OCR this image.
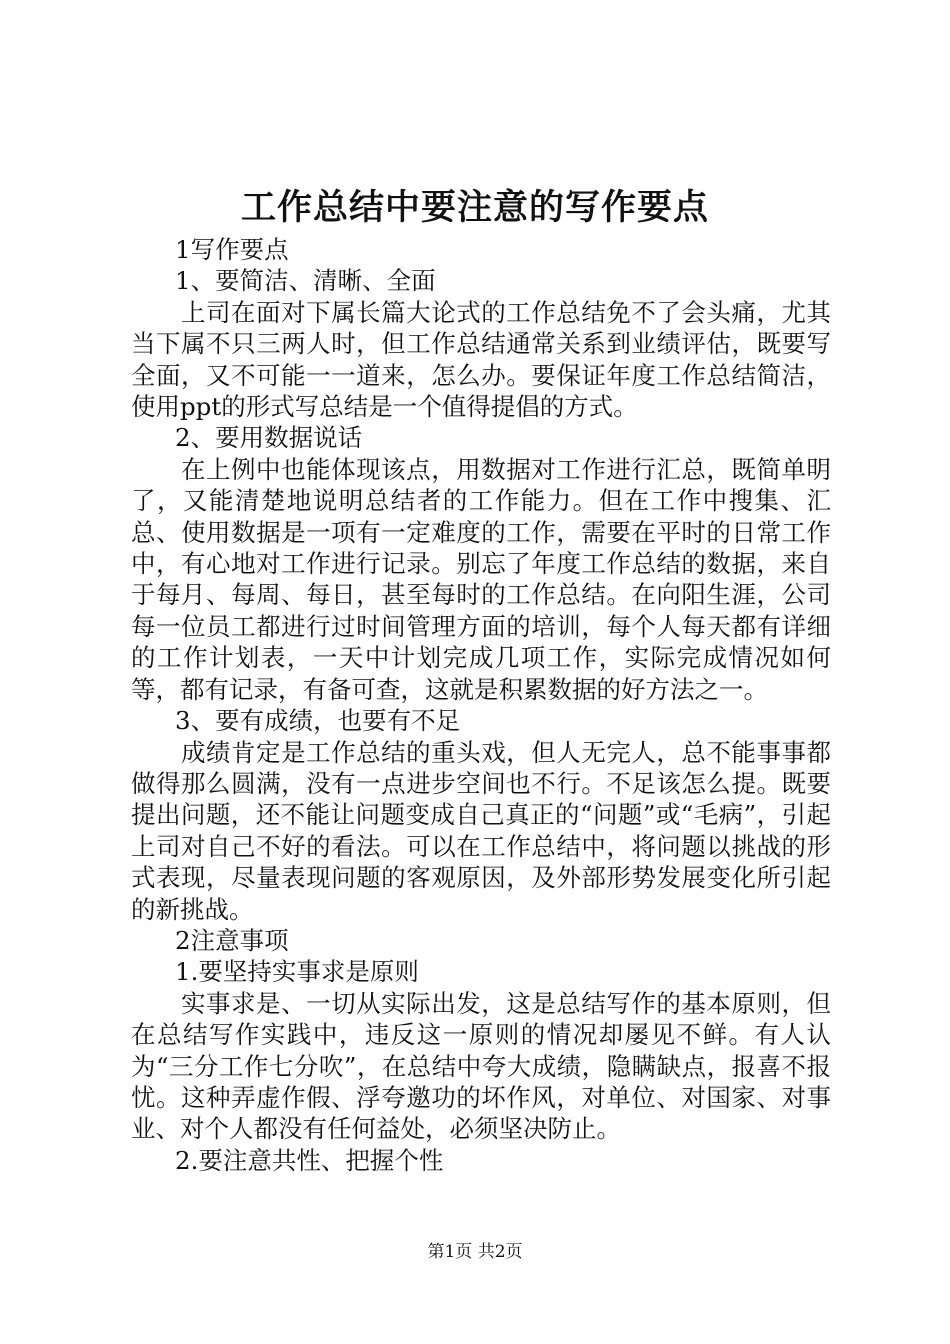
工作总结中要注意的写作要点

1写作要点

1、要简洁、清晰、全面

上司在面对下属长篇大论式的工作总结免不了会头痛，尤其当下属不只三两人时，但工作总结通常关系到业绩评估，既要写全面，又不可能一一道来，怎么办。要保证年度工作总结简洁，使用ppt的形式写总结是一个值得提倡的方式。

2、要用数据说话

在上例中也能体现该点，用数据对工作进行汇总，既简单明了，又能清楚地说明总结者的工作能力。但在工作中搜集、汇总、使用数据是一项有一定难度的工作，需要在平时的日常工作中，有心地对工作进行记录。别忘了年度工作总结的数据，来自于每月、每周、每日，甚至每时的工作总结。在向阳生涯，公司每一位员工都进行过时间管理方面的培训，每个人每天都有详细的工作计划表，一天中计划完成几项工作，实际完成情况如何等，都有记录，有备可查，这就是积累数据的好方法之一。

3、要有成绩，也要有不足

成绩肯定是工作总结的重头戏，但人无完人，总不能事事都做得那么圆满，没有一点进步空间也不行。不足该怎么提。既要提出问题，还不能让问题变成自己真正的“问题”或“毛病”，引起上司对自己不好的看法。可以在工作总结中，将问题以挑战的形式表现，尽量表现问题的客观原因，及外部形势发展变化所引起的新挑战。

2注意事项

1.要坚持实事求是原则

实事求是、一切从实际出发，这是总结写作的基本原则，但在总结写作实践中，违反这一原则的情况却屡见不鲜。有人认为“三分工作七分吹”，在总结中夸大成绩，隐瞒缺点，报喜不报忧。这种弄虚作假、浮夸邀功的坏作风，对单位、对国家、对事业、对个人都没有任何益处，必须坚决防止。

2.要注意共性、把握个性

第1页 共2页
